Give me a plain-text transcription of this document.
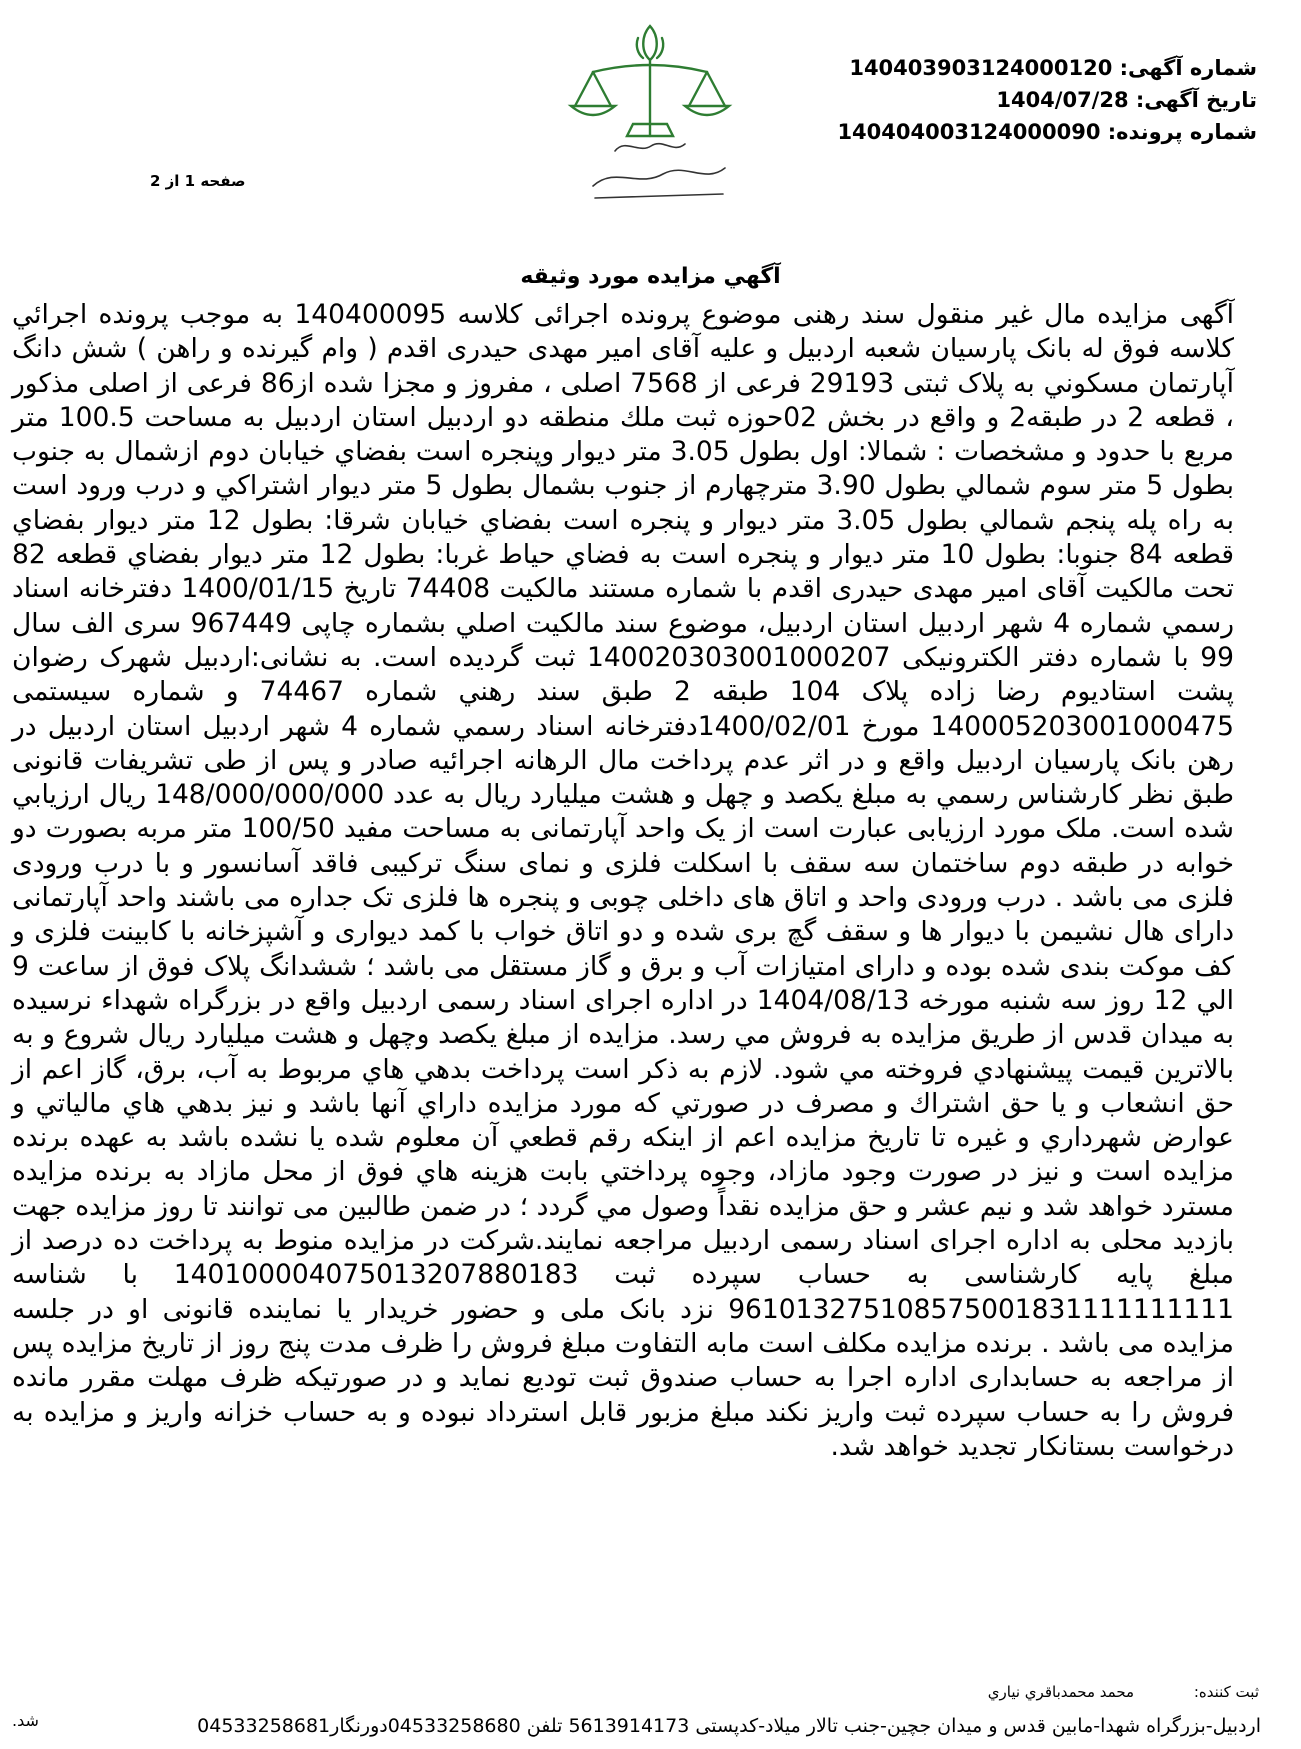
شماره آگهی: 140403903124000120
تاریخ آگهی: 1404/07/28
شماره پرونده: 140404003124000090
صفحه 1 از 2
آگهي مزايده مورد وثيقه

آگهی مزایده مال غیر منقول سند رهنی موضوع پرونده اجرائی کلاسه 140400095 به موجب پرونده اجرائي كلاسه فوق له بانک پارسیان شعبه اردبیل و علیه آقای امیر مهدی حیدری اقدم ( وام گیرنده و راهن ) شش دانگ آپارتمان مسکوني به پلاک ثبتی 29193 فرعی از 7568 اصلی ، مفروز و مجزا شده از86 فرعی از اصلی مذکور ، قطعه 2 در طبقه2 و واقع در بخش 02حوزه ثبت ملك منطقه دو اردبيل استان اردبيل به مساحت 100.5 متر مربع با حدود و مشخصات : شمالا: اول بطول 3.05 متر ديوار وپنجره است بفضاي خيابان دوم ازشمال به جنوب بطول 5 متر سوم شمالي بطول 3.90 مترچهارم از جنوب بشمال بطول 5 متر ديوار اشتراكي و درب ورود است به راه پله پنجم شمالي بطول 3.05 متر ديوار و پنجره است بفضاي خيابان شرقا: بطول 12 متر ديوار بفضاي قطعه 84 جنوبا: بطول 10 متر ديوار و پنجره است به فضاي حياط غربا: بطول 12 متر ديوار بفضاي قطعه 82 تحت مالكيت آقای امیر مهدی حیدری اقدم با شماره مستند مالکیت 74408 تاریخ 1400/01/15 دفترخانه اسناد رسمي شماره 4 شهر اردبيل استان اردبيل، موضوع سند مالكيت اصلي بشماره چاپی 967449 سری الف سال 99 با شماره دفتر الکترونیکی 140020303001000207 ثبت گردیده است. به نشانی:اردبيل شهرک رضوان پشت استاديوم رضا زاده پلاک 104 طبقه 2 طبق سند رهني شماره 74467 و شماره سیستمی 140005203001000475 مورخ 1400/02/01دفترخانه اسناد رسمي شماره 4 شهر اردبيل استان اردبيل در رهن بانک پارسیان اردبیل واقع و در اثر عدم پرداخت مال الرهانه اجرائيه صادر و پس از طی تشريفات قانونی طبق نظر كارشناس رسمي به مبلغ یکصد و چهل و هشت میلیارد ریال به عدد 148/000/000/000 ريال ارزيابي شده است. ملک مورد ارزیابی عبارت است از یک واحد آپارتمانی به مساحت مفید 100/50 متر مربه بصورت دو خوابه در طبقه دوم ساختمان سه سقف با اسکلت فلزی و نمای سنگ ترکیبی فاقد آسانسور و با درب ورودی فلزی می باشد . درب ورودی واحد و اتاق های داخلی چوبی و پنجره ها فلزی تک جداره می باشند واحد آپارتمانی دارای هال نشیمن با دیوار ها و سقف گچ بری شده و دو اتاق خواب با کمد دیواری و آشپزخانه با کابینت فلزی و کف موکت بندی شده بوده و دارای امتیازات آب و برق و گاز مستقل می باشد ؛ ششدانگ پلاک فوق از ساعت 9 الي 12 روز سه شنبه مورخه 1404/08/13 در اداره اجرای اسناد رسمی اردبیل واقع در بزرگراه شهداء نرسیده به میدان قدس از طريق مزايده به فروش مي رسد. مزایده از مبلغ یکصد وچهل و هشت میلیارد ریال شروع و به بالاترين قيمت پيشنهادي فروخته مي شود. لازم به ذكر است پرداخت بدهي هاي مربوط به آب، برق، گاز اعم از حق انشعاب و يا حق اشتراك و مصرف در صورتي كه مورد مزايده داراي آنها باشد و نيز بدهي هاي مالياتي و عوارض شهرداري و غيره تا تاريخ مزايده اعم از اينكه رقم قطعي آن معلوم شده يا نشده باشد به عهده برنده مزايده است و نيز در صورت وجود مازاد، وجوه پرداختي بابت هزينه هاي فوق از محل مازاد به برنده مزايده مسترد خواهد شد و نیم عشر و حق مزایده نقداً وصول مي گردد ؛ در ضمن طالبين می توانند تا روز مزایده جهت بازديد محلی به اداره اجرای اسناد رسمی اردبیل مراجعه نمایند.شرکت در مزایده منوط به پرداخت ده درصد از مبلغ پایه کارشناسی به حساب سپرده ثبت 140100004075013207880183 با شناسه 961013275108575001831111111111 نزد بانک ملی و حضور خریدار یا نماینده قانونی او در جلسه مزایده می باشد . برنده مزایده مکلف است مابه التفاوت مبلغ فروش را ظرف مدت پنج روز از تاریخ مزایده پس از مراجعه به حسابداری اداره اجرا به حساب صندوق ثبت تودیع نماید و در صورتیکه ظرف مهلت مقرر مانده فروش را به حساب سپرده ثبت واریز نکند مبلغ مزبور قابل استرداد نبوده و به حساب خزانه واریز و مزایده به درخواست بستانکار تجدید خواهد شد.

شد.
ثبت کننده: محمد محمدباقري نياري
اردبیل-بزرگراه شهدا-مابین قدس و میدان جچین-جنب تالار میلاد-کدپستی 5613914173 تلفن 04533258680دورنگار04533258681
